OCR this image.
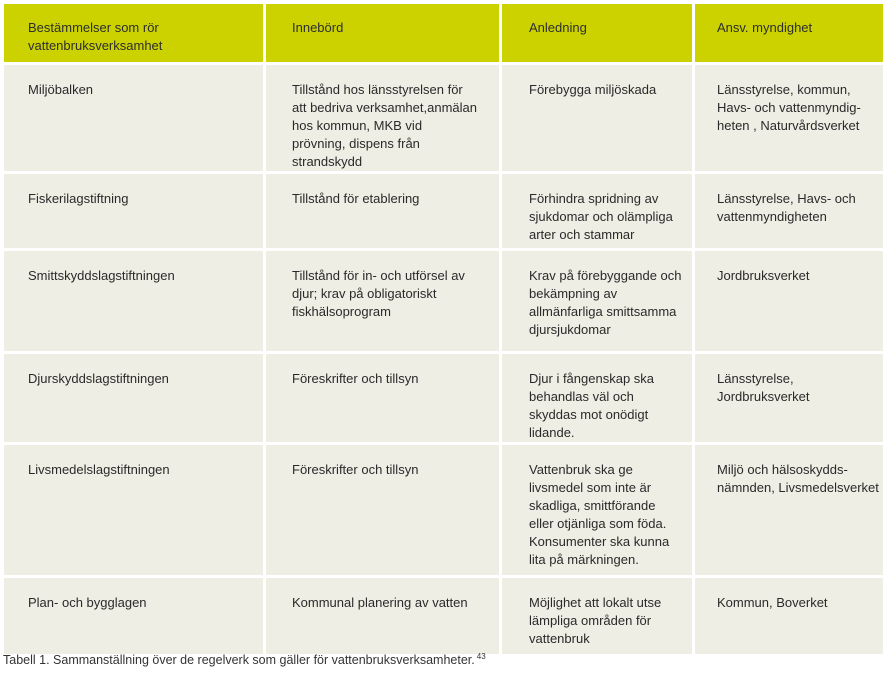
Bestämmelser som rör vattenbruksverksamhet	Innebörd	Anledning	Ansv. myndighet

Miljöbalken	Tillstånd hos länsstyrelsen för att bedriva verksamhet,anmälan hos kommun, MKB vid prövning, dispens från strandskydd	Förebygga miljöskada	Länsstyrelse, kommun, Havs- och vattenmyndig-heten , Naturvårdsverket

Fiskerilagstiftning	Tillstånd för etablering	Förhindra spridning av sjukdomar och olämpliga arter och stammar	Länsstyrelse, Havs- och vattenmyndigheten

Smittskyddslagstiftningen	Tillstånd för in- och utförsel av djur; krav på obligatoriskt fiskhälsoprogram	Krav på förebyggande och bekämpning av allmänfarliga smittsamma djursjukdomar	Jordbruksverket

Djurskyddslagstiftningen	Föreskrifter och tillsyn	Djur i fångenskap ska behandlas väl och skyddas mot onödigt lidande.	Länsstyrelse, Jordbruksverket

Livsmedelslagstiftningen	Föreskrifter och tillsyn	Vattenbruk ska ge livsmedel som inte är skadliga, smittförande eller otjänliga som föda. Konsumenter ska kunna lita på märkningen.	Miljö och hälsoskydds-nämnden, Livsmedelsverket

Plan- och bygglagen	Kommunal planering av vatten	Möjlighet att lokalt utse lämpliga områden för vattenbruk	Kommun, Boverket
Tabell 1. Sammanställning över de regelverk som gäller för vattenbruksverksamheter. $^{43}$
